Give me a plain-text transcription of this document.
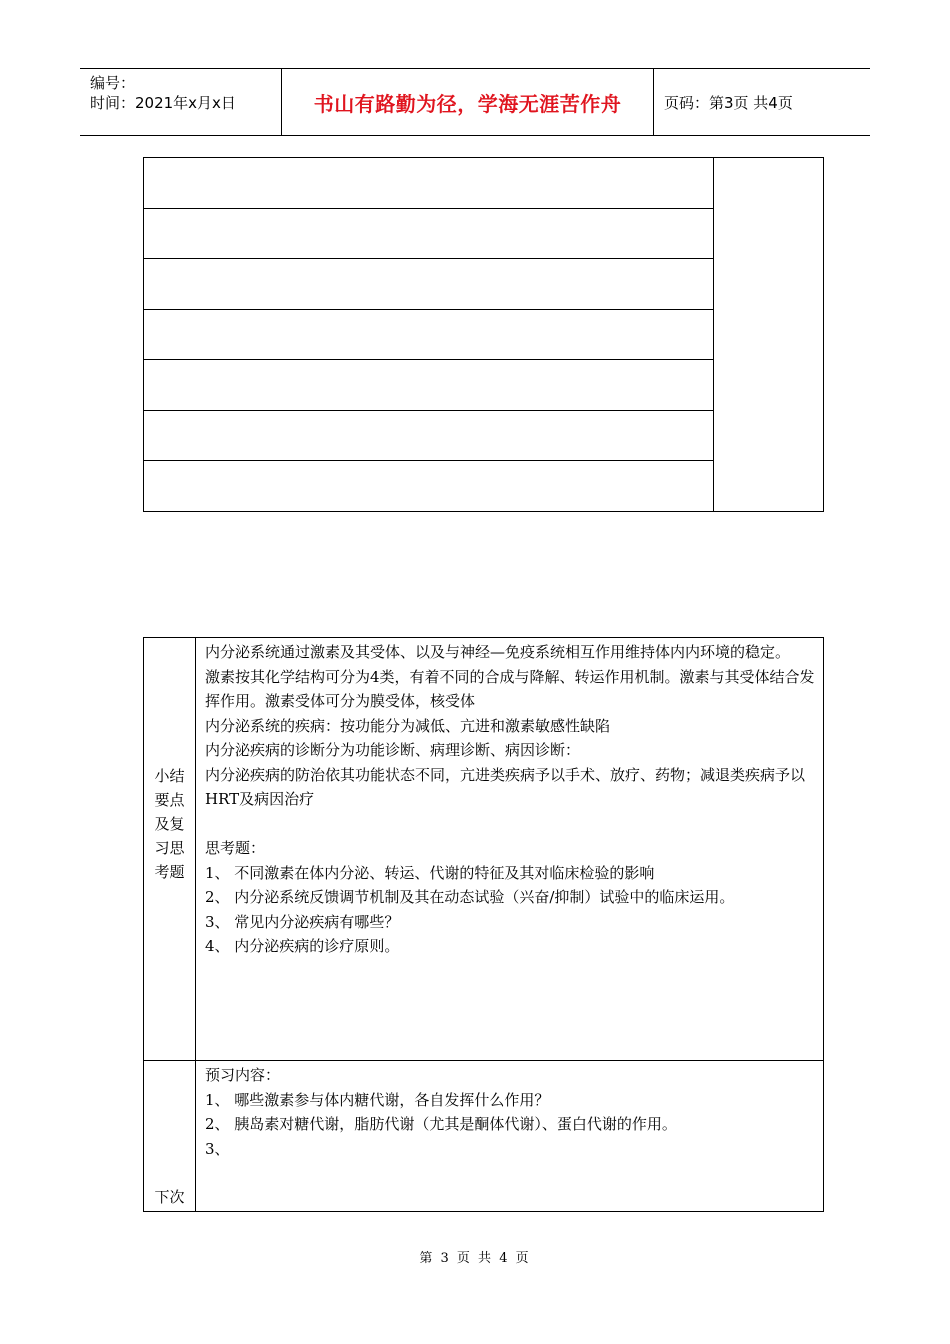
编号：
时间：2021年x月x日	书山有路勤为径，学海无涯苦作舟	页码：第3页 共4页
小结要点及复习思考题

内分泌系统通过激素及其受体、以及与神经—免疫系统相互作用维持体内内环境的稳定。

激素按其化学结构可分为4类，有着不同的合成与降解、转运作用机制。激素与其受体结合发挥作用。激素受体可分为膜受体，核受体

内分泌系统的疾病：按功能分为减低、亢进和激素敏感性缺陷

内分泌疾病的诊断分为功能诊断、病理诊断、病因诊断：

内分泌疾病的防治依其功能状态不同，亢进类疾病予以手术、放疗、药物；减退类疾病予以HRT及病因治疗

思考题：

1、 不同激素在体内分泌、转运、代谢的特征及其对临床检验的影响

2、 内分泌系统反馈调节机制及其在动态试验（兴奋/抑制）试验中的临床运用。

3、 常见内分泌疾病有哪些？

4、 内分泌疾病的诊疗原则。

下次

预习内容：

1、 哪些激素参与体内糖代谢，各自发挥什么作用？

2、 胰岛素对糖代谢，脂肪代谢（尤其是酮体代谢）、蛋白代谢的作用。

3、

第 3 页 共 4 页
